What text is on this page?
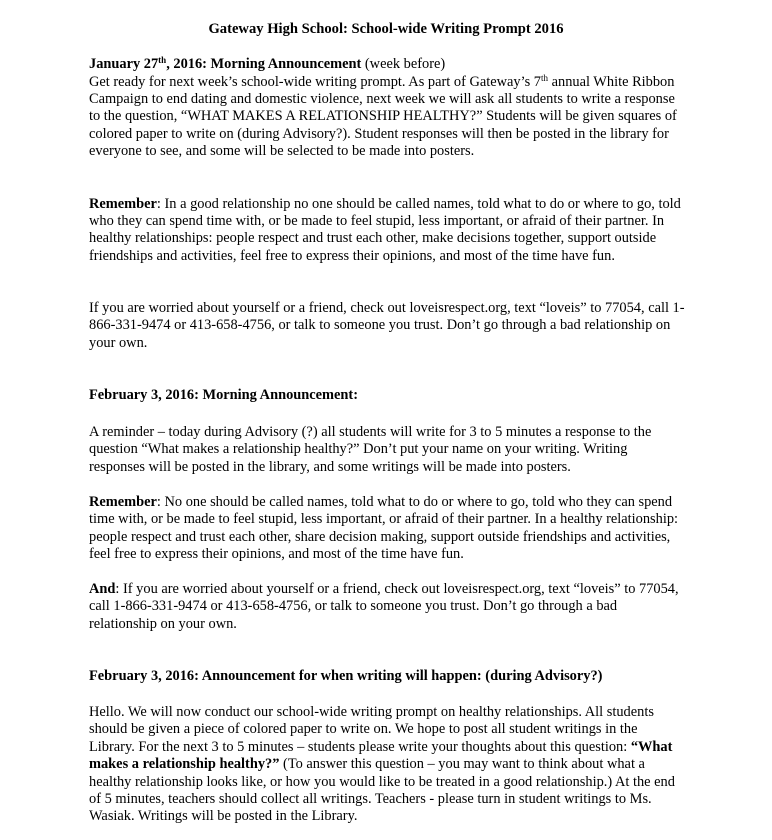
Gateway High School: School-wide Writing Prompt 2016

January 27th, 2016: Morning Announcement (week before)

Get ready for next week’s school-wide writing prompt. As part of Gateway’s 7th annual White Ribbon Campaign to end dating and domestic violence, next week we will ask all students to write a response to the question, “WHAT MAKES A RELATIONSHIP HEALTHY?” Students will be given squares of colored paper to write on (during Advisory?). Student responses will then be posted in the library for everyone to see, and some will be selected to be made into posters.

Remember: In a good relationship no one should be called names, told what to do or where to go, told who they can spend time with, or be made to feel stupid, less important, or afraid of their partner. In healthy relationships: people respect and trust each other, make decisions together, support outside friendships and activities, feel free to express their opinions, and most of the time have fun.

If you are worried about yourself or a friend, check out loveisrespect.org, text “loveis” to 77054, call 1-866-331-9474 or 413-658-4756, or talk to someone you trust. Don’t go through a bad relationship on your own.

February 3, 2016: Morning Announcement:

A reminder – today during Advisory (?) all students will write for 3 to 5 minutes a response to the question “What makes a relationship healthy?” Don’t put your name on your writing. Writing responses will be posted in the library, and some writings will be made into posters.

Remember: No one should be called names, told what to do or where to go, told who they can spend time with, or be made to feel stupid, less important, or afraid of their partner. In a healthy relationship: people respect and trust each other, share decision making, support outside friendships and activities, feel free to express their opinions, and most of the time have fun.

And: If you are worried about yourself or a friend, check out loveisrespect.org, text “loveis” to 77054, call 1-866-331-9474 or 413-658-4756, or talk to someone you trust. Don’t go through a bad relationship on your own.

February 3, 2016: Announcement for when writing will happen: (during Advisory?)

Hello. We will now conduct our school-wide writing prompt on healthy relationships. All students should be given a piece of colored paper to write on. We hope to post all student writings in the Library. For the next 3 to 5 minutes – students please write your thoughts about this question: “What makes a relationship healthy?” (To answer this question – you may want to think about what a healthy relationship looks like, or how you would like to be treated in a good relationship.) At the end of 5 minutes, teachers should collect all writings. Teachers - please turn in student writings to Ms. Wasiak. Writings will be posted in the Library.
